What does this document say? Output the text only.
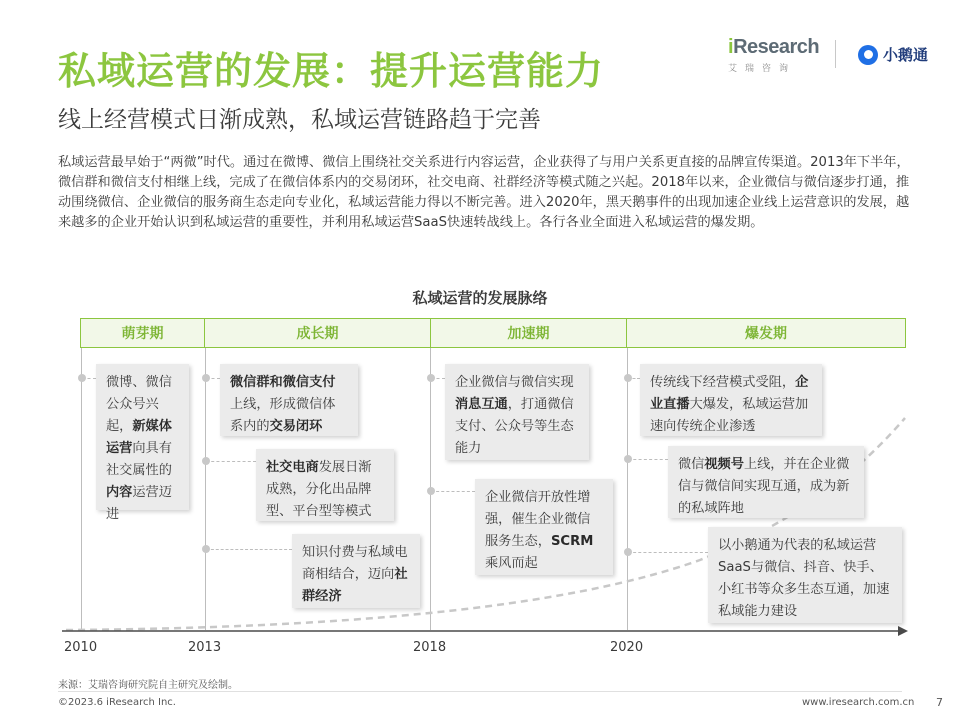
私域运营的发展：提升运营能力
线上经营模式日渐成熟，私域运营链路趋于完善
iResearch
艾瑞咨询
小鹅通
私域运营最早始于“两微”时代。通过在微博、微信上围绕社交关系进行内容运营，企业获得了与用户关系更直接的品牌宣传渠道。2013年下半年，微信群和微信支付相继上线，完成了在微信体系内的交易闭环，社交电商、社群经济等模式随之兴起。2018年以来，企业微信与微信逐步打通，推动围绕微信、企业微信的服务商生态走向专业化，私域运营能力得以不断完善。进入2020年，黑天鹅事件的出现加速企业线上运营意识的发展，越来越多的企业开始认识到私域运营的重要性，并利用私域运营SaaS快速转战线上。各行各业全面进入私域运营的爆发期。
私域运营的发展脉络
萌芽期	成长期	加速期	爆发期
微博、微信公众号兴起，新媒体运营向具有社交属性的内容运营迈进
微信群和微信支付上线，形成微信体系内的交易闭环
社交电商发展日渐成熟，分化出品牌型、平台型等模式
知识付费与私域电商相结合，迈向社群经济
企业微信与微信实现消息互通，打通微信支付、公众号等生态能力
企业微信开放性增强，催生企业微信服务生态，SCRM乘风而起
传统线下经营模式受阻，企业直播大爆发，私域运营加速向传统企业渗透
微信视频号上线，并在企业微信与微信间实现互通，成为新的私域阵地
以小鹅通为代表的私域运营SaaS与微信、抖音、快手、小红书等众多生态互通，加速私域能力建设
2010	2013	2018	2020
来源：艾瑞咨询研究院自主研究及绘制。
©2023.6 iResearch Inc.	www.iresearch.com.cn 7
